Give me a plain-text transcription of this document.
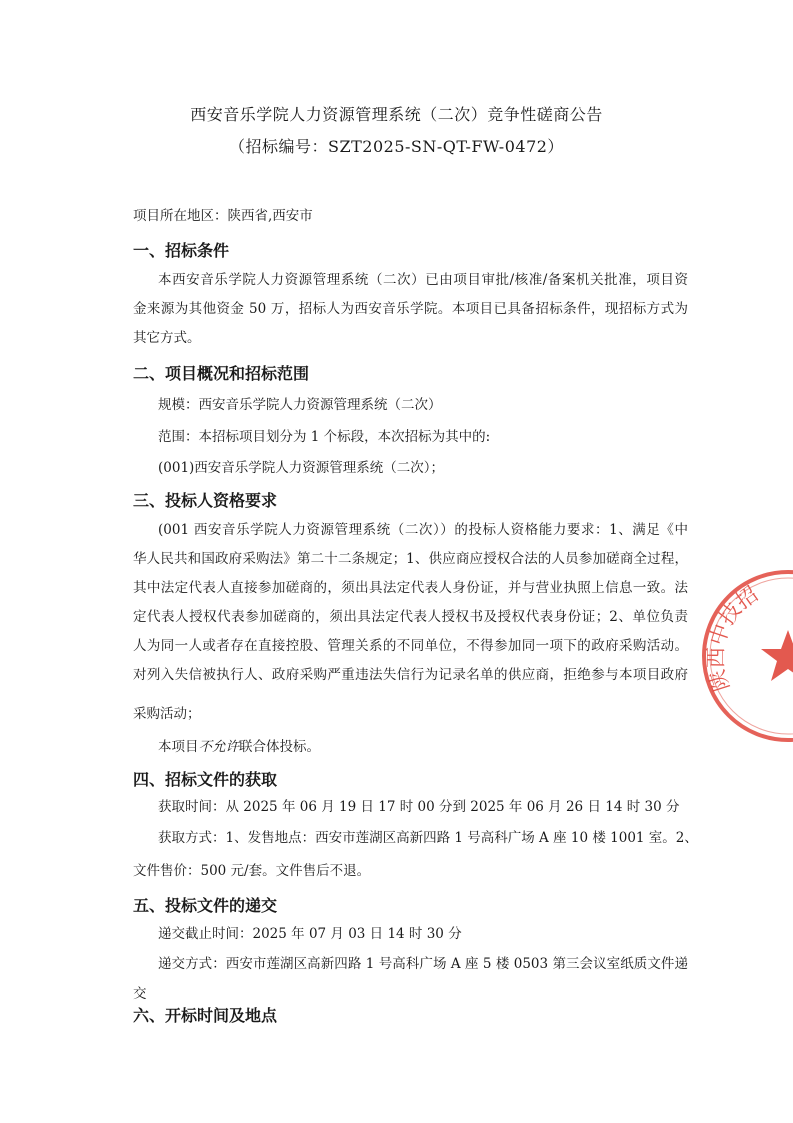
西安音乐学院人力资源管理系统（二次）竞争性磋商公告
（招标编号：SZT2025-SN-QT-FW-0472）
项目所在地区：陕西省,西安市
一、招标条件
本西安音乐学院人力资源管理系统（二次）已由项目审批/核准/备案机关批准，项目资
金来源为其他资金 50 万，招标人为西安音乐学院。本项目已具备招标条件，现招标方式为
其它方式。
二、项目概况和招标范围
规模：西安音乐学院人力资源管理系统（二次）
范围：本招标项目划分为 1 个标段，本次招标为其中的:
(001)西安音乐学院人力资源管理系统（二次）；
三、投标人资格要求
(001 西安音乐学院人力资源管理系统（二次））的投标人资格能力要求：1、满足《中
华人民共和国政府采购法》第二十二条规定；1、供应商应授权合法的人员参加磋商全过程，
其中法定代表人直接参加磋商的，须出具法定代表人身份证，并与营业执照上信息一致。法
定代表人授权代表参加磋商的，须出具法定代表人授权书及授权代表身份证；2、单位负责
人为同一人或者存在直接控股、管理关系的不同单位，不得参加同一项下的政府采购活动。
对列入失信被执行人、政府采购严重违法失信行为记录名单的供应商，拒绝参与本项目政府
采购活动；
本项目不允许联合体投标。
四、招标文件的获取
获取时间：从 2025 年 06 月 19 日 17 时 00 分到 2025 年 06 月 26 日 14 时 30 分
获取方式：1、发售地点：西安市莲湖区高新四路 1 号高科广场 A 座 10 楼 1001 室。2、
文件售价：500 元/套。文件售后不退。
五、投标文件的递交
递交截止时间：2025 年 07 月 03 日 14 时 30 分
递交方式：西安市莲湖区高新四路 1 号高科广场 A 座 5 楼 0503 第三会议室纸质文件递
交
六、开标时间及地点
陕西中技招
